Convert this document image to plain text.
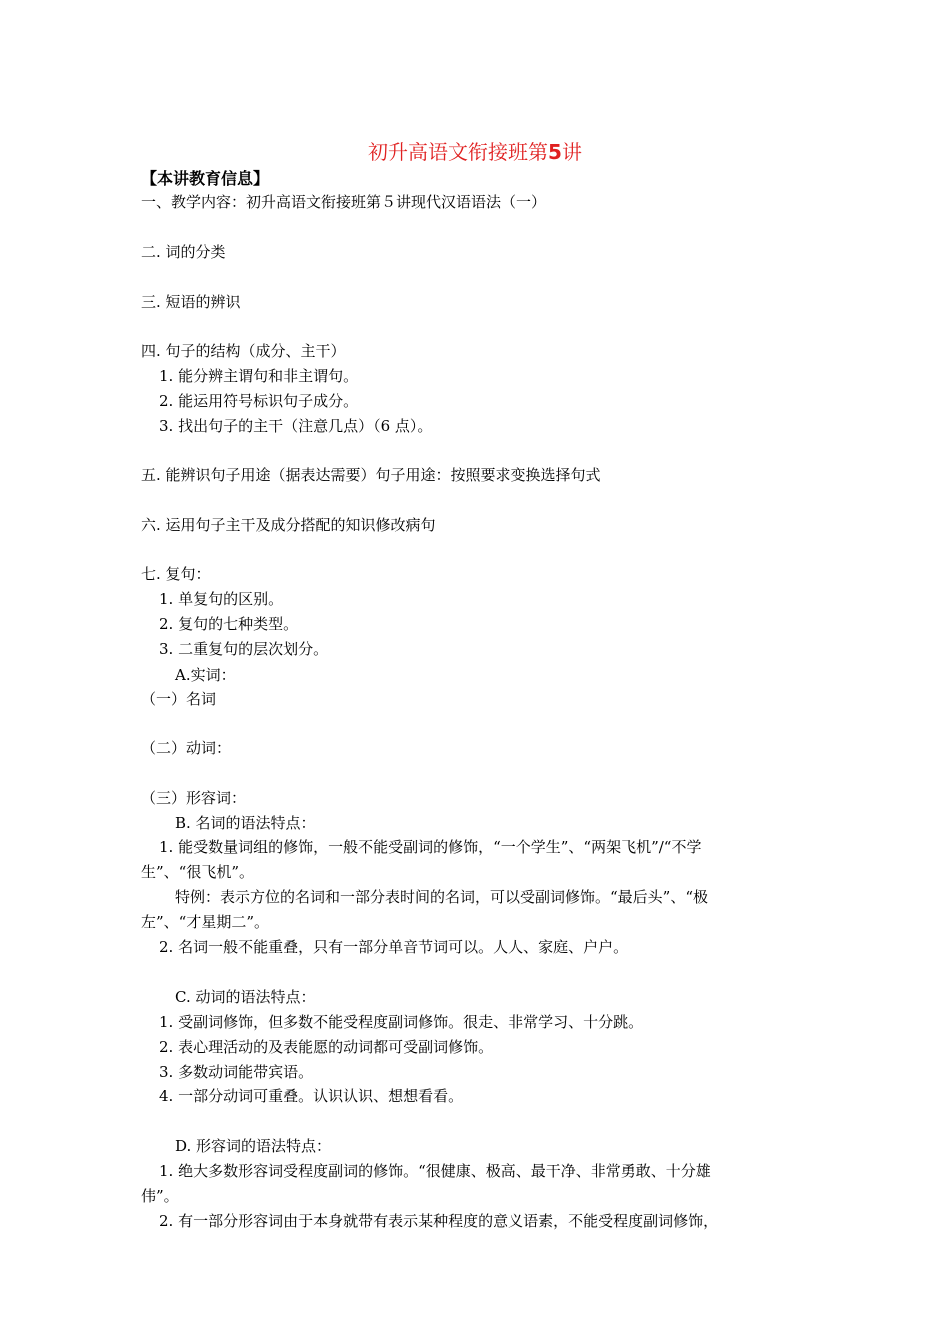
初升高语文衔接班第5讲
【本讲教育信息】
一、教学内容：初升高语文衔接班第５讲现代汉语语法（一）
二. 词的分类
三. 短语的辨识
四. 句子的结构（成分、主干）
1. 能分辨主谓句和非主谓句。
2. 能运用符号标识句子成分。
3. 找出句子的主干（注意几点）（6 点）。
五. 能辨识句子用途（据表达需要）句子用途：按照要求变换选择句式
六. 运用句子主干及成分搭配的知识修改病句
七. 复句：
1. 单复句的区别。
2. 复句的七种类型。
3. 二重复句的层次划分。
A.实词：
（一）名词
（二）动词：
（三）形容词：
B. 名词的语法特点：
1. 能受数量词组的修饰，一般不能受副词的修饰，“一个学生”、“两架飞机”/“不学
生”、“很飞机”。
特例：表示方位的名词和一部分表时间的名词，可以受副词修饰。“最后头”、“极
左”、“才星期二”。
2. 名词一般不能重叠，只有一部分单音节词可以。人人、家庭、户户。
C. 动词的语法特点：
1. 受副词修饰，但多数不能受程度副词修饰。很走、非常学习、十分跳。
2. 表心理活动的及表能愿的动词都可受副词修饰。
3. 多数动词能带宾语。
4. 一部分动词可重叠。认识认识、想想看看。
D. 形容词的语法特点：
1. 绝大多数形容词受程度副词的修饰。“很健康、极高、最干净、非常勇敢、十分雄
伟”。
2. 有一部分形容词由于本身就带有表示某种程度的意义语素，不能受程度副词修饰，
